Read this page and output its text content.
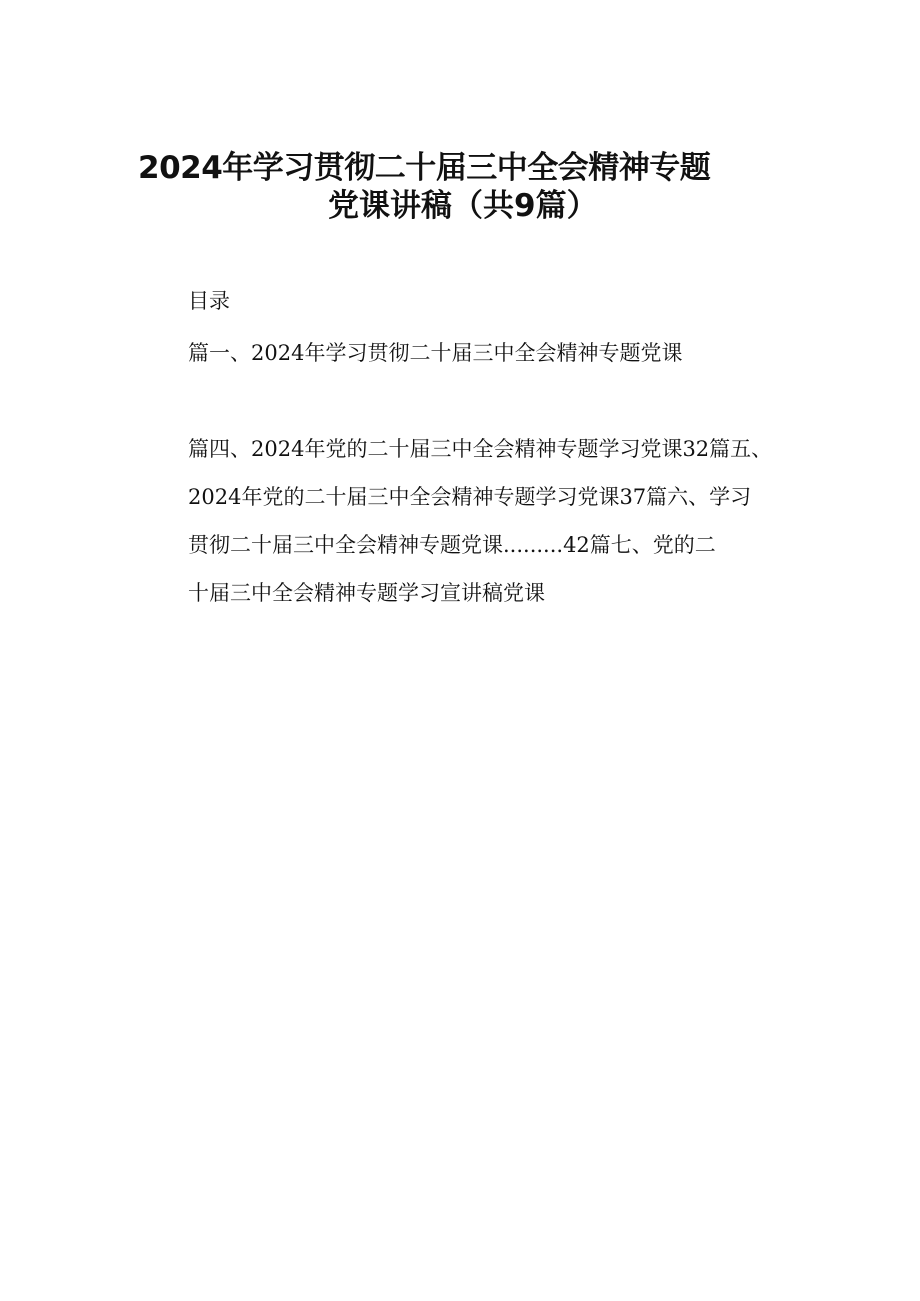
2024年学习贯彻二十届三中全会精神专题
党课讲稿（共9篇）
目录
篇一、2024年学习贯彻二十届三中全会精神专题党课
篇四、2024年党的二十届三中全会精神专题学习党课32篇五、
2024年党的二十届三中全会精神专题学习党课37篇六、学习
贯彻二十届三中全会精神专题党课.........42篇七、党的二
十届三中全会精神专题学习宣讲稿党课
